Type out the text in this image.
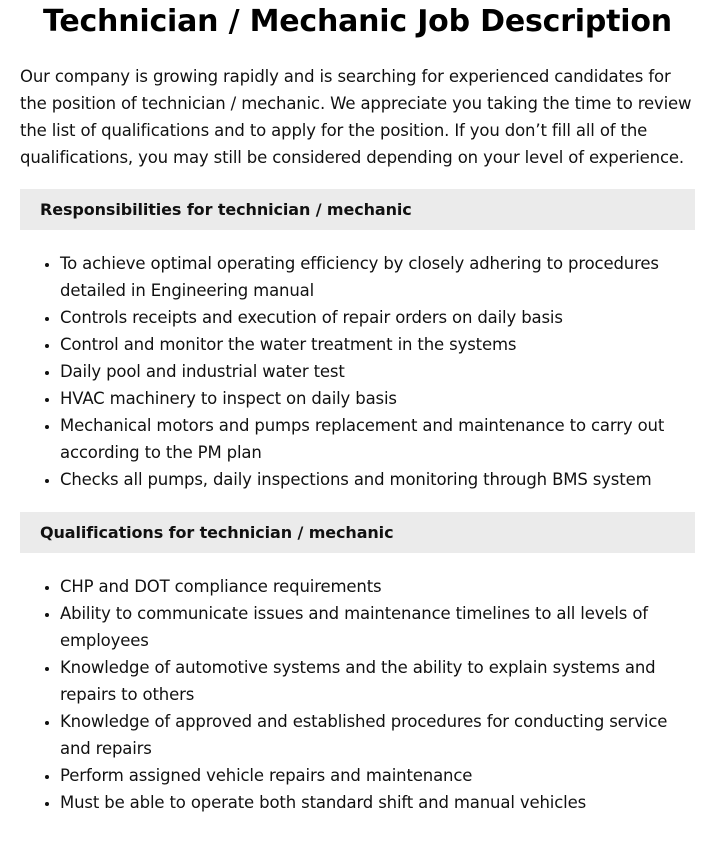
Technician / Mechanic Job Description

Our company is growing rapidly and is searching for experienced candidates for the position of technician / mechanic. We appreciate you taking the time to review the list of qualifications and to apply for the position. If you don’t fill all of the qualifications, you may still be considered depending on your level of experience.

Responsibilities for technician / mechanic
• To achieve optimal operating efficiency by closely adhering to procedures detailed in Engineering manual
• Controls receipts and execution of repair orders on daily basis
• Control and monitor the water treatment in the systems
• Daily pool and industrial water test
• HVAC machinery to inspect on daily basis
• Mechanical motors and pumps replacement and maintenance to carry out according to the PM plan
• Checks all pumps, daily inspections and monitoring through BMS system
Qualifications for technician / mechanic
• CHP and DOT compliance requirements
• Ability to communicate issues and maintenance timelines to all levels of employees
• Knowledge of automotive systems and the ability to explain systems and repairs to others
• Knowledge of approved and established procedures for conducting service and repairs
• Perform assigned vehicle repairs and maintenance
• Must be able to operate both standard shift and manual vehicles
